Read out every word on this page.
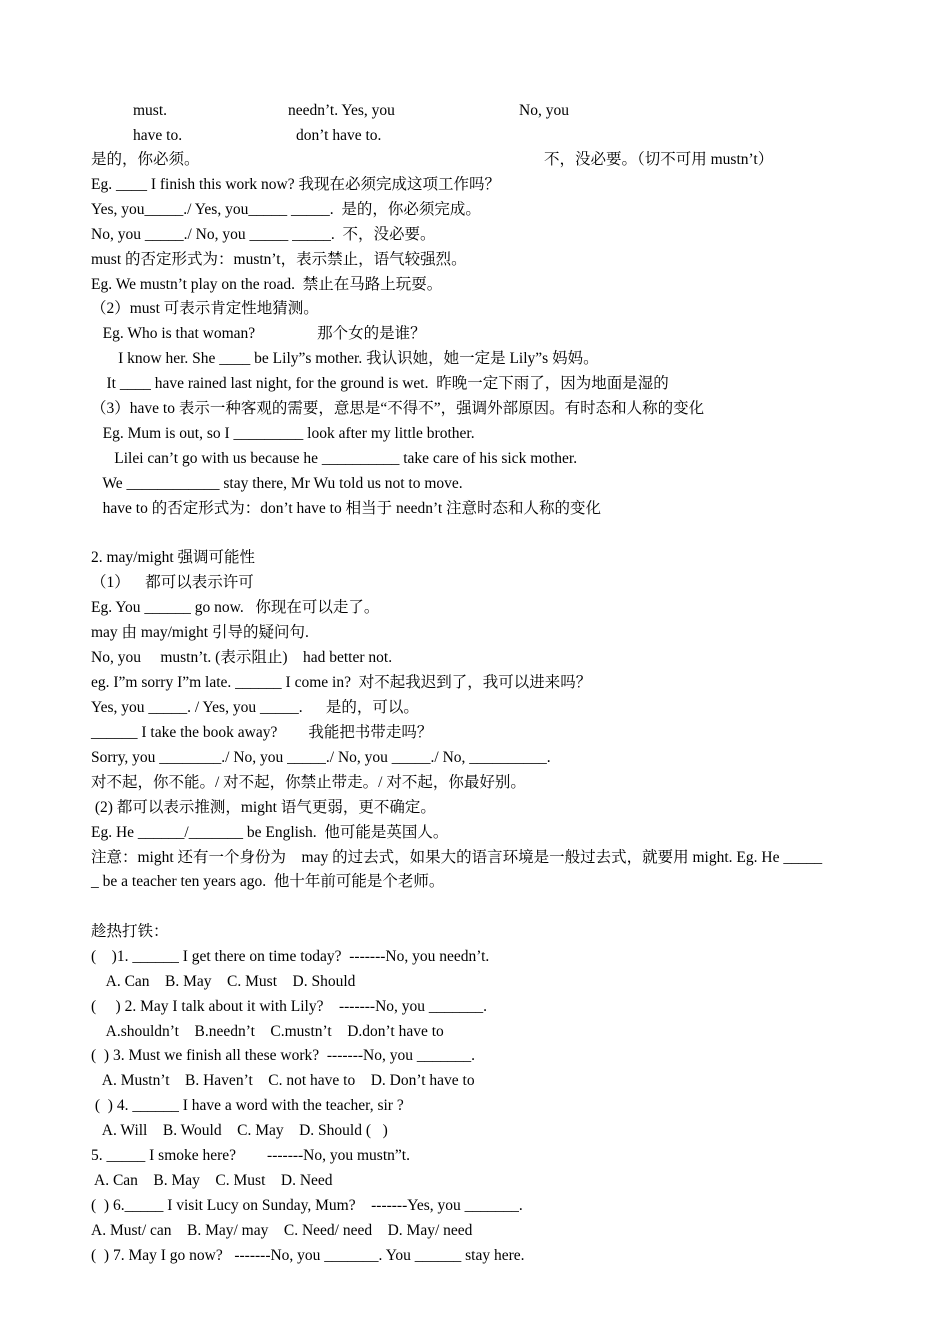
must.	needn’t. Yes, you	No, you
have to.	don’t have to.
是的，你必须。	不，没必要。（切不可用 mustn’t）
Eg. ____ I finish this work now? 我现在必须完成这项工作吗？
Yes, you_____./ Yes, you_____ _____.  是的，你必须完成。
No, you _____./ No, you _____ _____.  不，没必要。
must 的否定形式为：mustn’t，表示禁止，语气较强烈。
Eg. We mustn’t play on the road.  禁止在马路上玩耍。
（2）must 可表示肯定性地猜测。
Eg. Who is that woman?                那个女的是谁？
I know her. She ____ be Lily”s mother. 我认识她，她一定是 Lily”s 妈妈。
It ____ have rained last night, for the ground is wet.  昨晚一定下雨了，因为地面是湿的
（3）have to 表示一种客观的需要，意思是“不得不”，强调外部原因。有时态和人称的变化
Eg. Mum is out, so I _________ look after my little brother.
Lilei can’t go with us because he __________ take care of his sick mother.
We ____________ stay there, Mr Wu told us not to move.
have to 的否定形式为：don’t have to 相当于 needn’t 注意时态和人称的变化
2. may/might 强调可能性
（1）    都可以表示许可
Eg. You ______ go now.   你现在可以走了。
may 由 may/might 引导的疑问句.
No, you     mustn’t. (表示阻止)    had better not.
eg. I”m sorry I”m late. ______ I come in?  对不起我迟到了，我可以进来吗？
Yes, you _____. / Yes, you _____.      是的，可以。
______ I take the book away?        我能把书带走吗？
Sorry, you ________./ No, you _____./ No, you _____./ No, __________.
对不起，你不能。/ 对不起，你禁止带走。/ 对不起，你最好别。
(2) 都可以表示推测，might 语气更弱，更不确定。
Eg. He ______/_______ be English.  他可能是英国人。
注意：might 还有一个身份为    may 的过去式，如果大的语言环境是一般过去式，就要用 might. Eg. He _____
_ be a teacher ten years ago.  他十年前可能是个老师。
趁热打铁：
(    )1. ______ I get there on time today?  -------No, you needn’t.
A. Can    B. May    C. Must    D. Should
(     ) 2. May I talk about it with Lily?    -------No, you _______.
A.shouldn’t    B.needn’t    C.mustn’t    D.don’t have to
(  ) 3. Must we finish all these work?  -------No, you _______.
A. Mustn’t    B. Haven’t    C. not have to    D. Don’t have to
(  ) 4. ______ I have a word with the teacher, sir ?
A. Will    B. Would    C. May    D. Should (   )
5. _____ I smoke here?        -------No, you mustn”t.
A. Can    B. May    C. Must    D. Need
(  ) 6._____ I visit Lucy on Sunday, Mum?    -------Yes, you _______.
A. Must/ can    B. May/ may    C. Need/ need    D. May/ need
(  ) 7. May I go now?   -------No, you _______. You ______ stay here.
